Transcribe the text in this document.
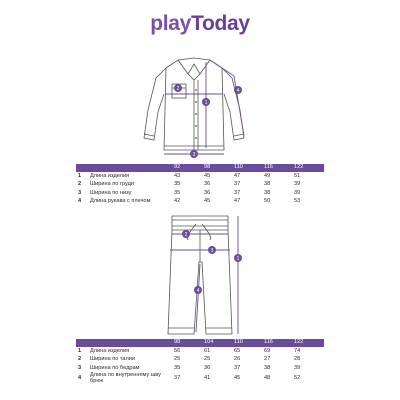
playToday
1
2
3
4
92	98	110	116	122
1	Длина изделия	43	45	47	49	51
2	Ширина по груди	35	36	37	38	39
3	Ширина по низу	35	36	37	38	39
4	Длина рукава с плечом	42	45	47	50	53
1
2
3
4
98	104	110	116	122
1	Длина изделия	56	61	65	69	74
2	Ширина по талии	25	25	26	27	28
3	Ширина по бедрам	35	36	37	38	39
4	Длина по внутреннему шву брюк	37	41	45	48	52
